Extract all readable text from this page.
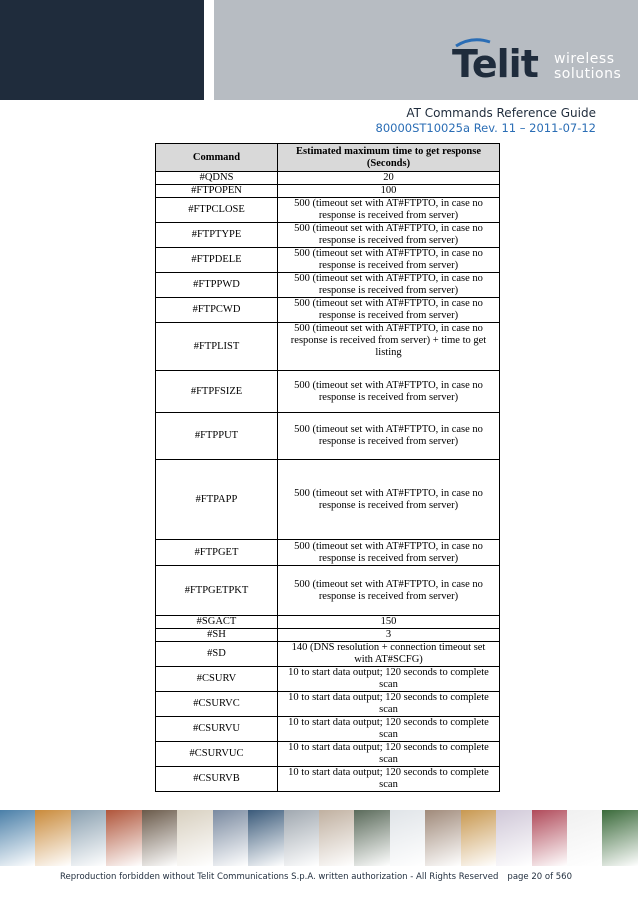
Telit wireless
solutions
AT Commands Reference Guide
80000ST10025a Rev. 11 – 2011-07-12
Command	Estimated maximum time to get response (Seconds)
#QDNS	20
#FTPOPEN	100
#FTPCLOSE	500 (timeout set with AT#FTPTO, in case no response is received from server)
#FTPTYPE	500 (timeout set with AT#FTPTO, in case no response is received from server)
#FTPDELE	500 (timeout set with AT#FTPTO, in case no response is received from server)
#FTPPWD	500 (timeout set with AT#FTPTO, in case no response is received from server)
#FTPCWD	500 (timeout set with AT#FTPTO, in case no response is received from server)
#FTPLIST	500 (timeout set with AT#FTPTO, in case no response is received from server) + time to get listing
#FTPFSIZE	500 (timeout set with AT#FTPTO, in case no response is received from server)
#FTPPUT	500 (timeout set with AT#FTPTO, in case no response is received from server)
#FTPAPP	500 (timeout set with AT#FTPTO, in case no response is received from server)
#FTPGET	500 (timeout set with AT#FTPTO, in case no response is received from server)
#FTPGETPKT	500 (timeout set with AT#FTPTO, in case no response is received from server)
#SGACT	150
#SH	3
#SD	140 (DNS resolution + connection timeout set with AT#SCFG)
#CSURV	10 to start data output; 120 seconds to complete scan
#CSURVC	10 to start data output; 120 seconds to complete scan
#CSURVU	10 to start data output; 120 seconds to complete scan
#CSURVUC	10 to start data output; 120 seconds to complete scan
#CSURVB	10 to start data output; 120 seconds to complete scan
Reproduction forbidden without Telit Communications S.p.A. written authorization - All Rights Reserved page 20 of 560
